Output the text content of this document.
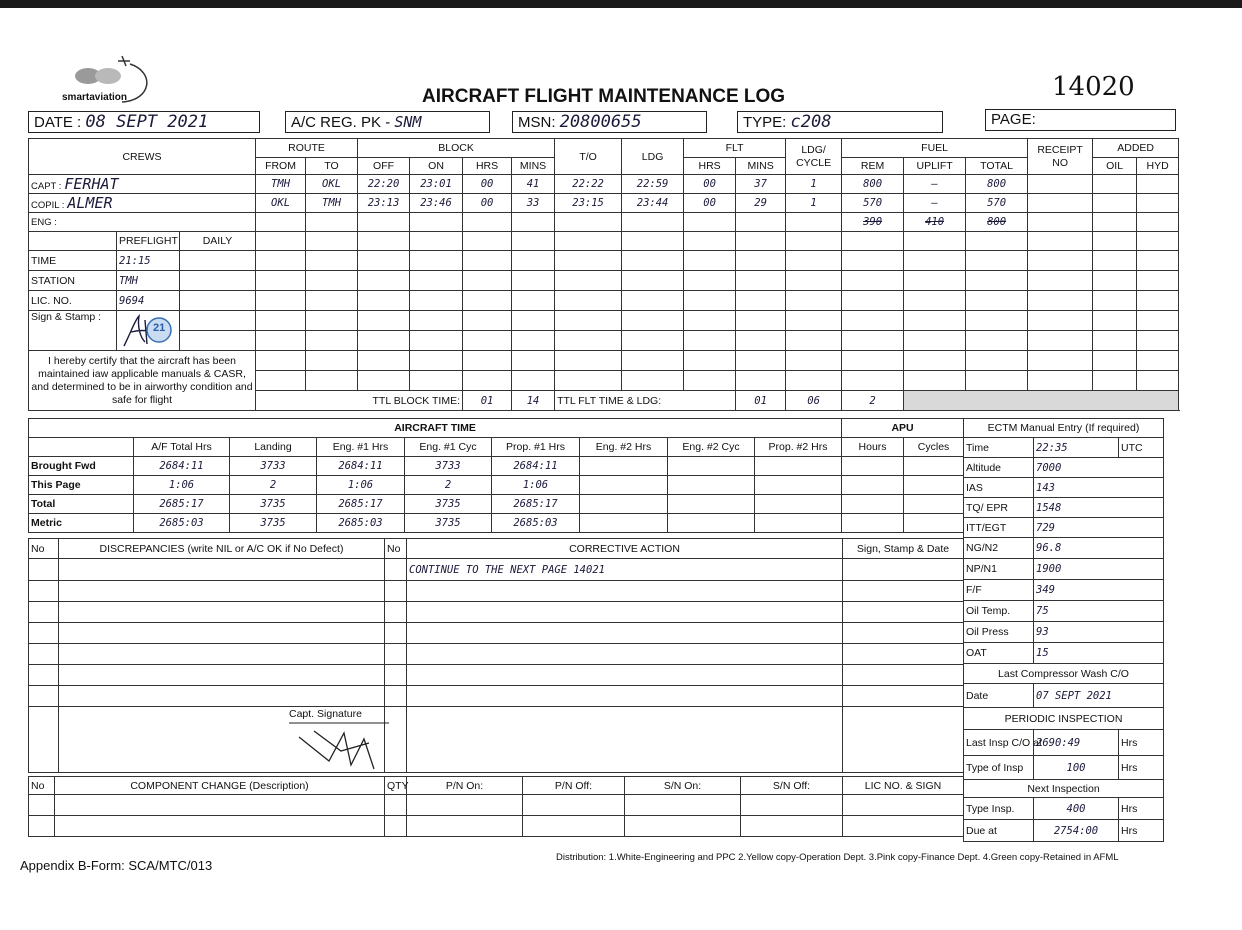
smartaviation	14020
AIRCRAFT FLIGHT MAINTENANCE LOG
DATE : 08 SEPT 2021	A/C REG. PK - SNM	MSN: 20800655	TYPE: c208	PAGE:
CREWS			ROUTE		BLOCK				T/O	LDG	FLT		LDG/ CYCLE	FUEL			RECEIPT NO	ADDED	
			FROM	TO	OFF	ON	HRS	MINS			HRS	MINS		REM	UPLIFT	TOTAL		OIL	HYD
CAPT : FERHAT			TMH	OKL	22:20	23:01	00	41	22:22	22:59	00	37	1	800	–	800			
COPIL : ALMER			OKL	TMH	23:13	23:46	00	33	23:15	23:44	00	29	1	570	–	570			
ENG :														390	410	800			
	PREFLIGHT	DAILY																	
TIME	21:15																		
STATION	TMH																		
LIC. NO.	9694																		
Sign & Stamp :	21																		

I hereby certify that the aircraft has been maintained iaw applicable manuals & CASR, and determined to be in airworthy condition and safe for flight																			

			TTL BLOCK TIME:				01	14	TTL FLT TIME & LDG:			01	06	2					
AIRCRAFT TIME									APU	
	A/F Total Hrs	Landing	Eng. #1 Hrs	Eng. #1 Cyc	Prop. #1 Hrs	Eng. #2 Hrs	Eng. #2 Cyc	Prop. #2 Hrs	Hours	Cycles
Brought Fwd	2684:11	3733	2684:11	3733	2684:11					
This Page	1:06	2	1:06	2	1:06					
Total	2685:17	3735	2685:17	3735	2685:17					
Metric	2685:03	3735	2685:03	3735	2685:03					
No	DISCREPANCIES (write NIL or A/C OK if No Defect)	No	CORRECTIVE ACTION	Sign, Stamp & Date
			CONTINUE TO THE NEXT PAGE 14021	

	Capt. Signature			

No	COMPONENT CHANGE (Description)	QTY	P/N On:	P/N Off:	S/N On:	S/N Off:	LIC NO. & SIGN

ECTM Manual Entry (If required)		
Time	22:35	UTC
Altitude	7000	
IAS	143	
TQ/ EPR	1548	
ITT/EGT	729	
NG/N2	96.8	
NP/N1	1900	
F/F	349	
Oil Temp.	75	
Oil Press	93	
OAT	15	
Last Compressor Wash C/O		
Date	07 SEPT 2021	
PERIODIC INSPECTION		
Last Insp C/O at	2690:49	Hrs
Type of Insp	100	Hrs
Next Inspection		
Type Insp.	400	Hrs
Due at	2754:00	Hrs
Appendix B-Form: SCA/MTC/013
Distribution: 1.White-Engineering and PPC 2.Yellow copy-Operation Dept. 3.Pink copy-Finance Dept. 4.Green copy-Retained in AFML
